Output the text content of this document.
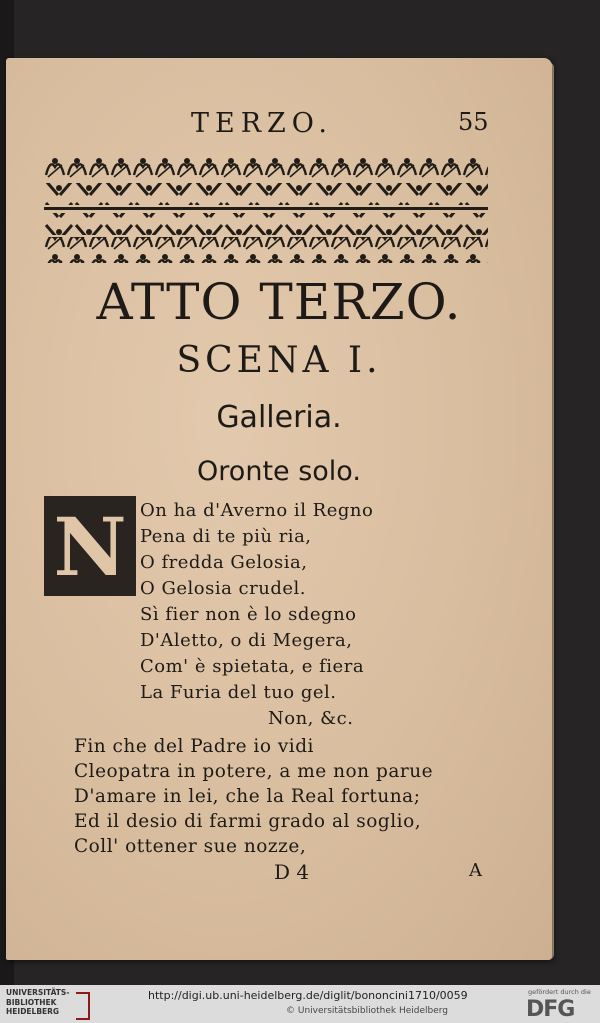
TERZO.	55
ATTO TERZO.
SCENA I.
Galleria.
Oronte solo.
N On ha d'Averno il Regno
Pena di te più ria,
O fredda Gelosia,
O Gelosia crudel.
Sì fier non è lo sdegno
D'Aletto, o di Megera,
Com' è spietata, e fiera
La Furia del tuo gel.
Non, &c.
Fin che del Padre io vidi
Cleopatra in potere, a me non parue
D'amare in lei, che la Real fortuna;
Ed il desio di farmi grado al soglio,
Coll' ottener sue nozze,
D 4	A
UNIVERSITÄTS-
BIBLIOTHEK
HEIDELBERG
http://digi.ub.uni-heidelberg.de/diglit/bononcini1710/0059
© Universitätsbibliothek Heidelberg
gefördert durch die
DFG
